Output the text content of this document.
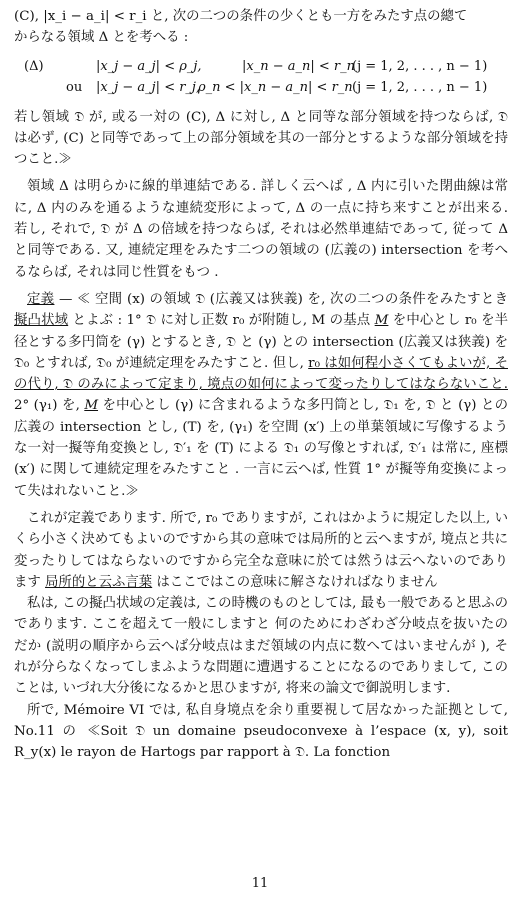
(C), |x_i − a_i| < r_i と, 次の二つの条件の少くとも一方をみたす点の總て
からなる領域 Δ とを考へる :

(Δ)	|x_j − a_j| < ρ_j,	|x_n − a_n| < r_n
(j = 1, 2, . . . , n − 1)
ou |x_j − a_j| < r_j,
ρ_n < |x_n − a_n| < r_n (j = 1, 2, . . . , n − 1)

若し領域 𝔇 が, 或る一対の (C), Δ に対し, Δ と同等な部分領域を持つならば, 𝔇 は必ず, (C) と同等であって上の部分領域を其の一部分とするような部分領域を持つこと.≫

領域 Δ は明らかに線的単連結である. 詳しく云へば , Δ 内に引いた閉曲線は常に, Δ 内のみを通るような連続変形によって, Δ の一点に持ち来すことが出来る. 若し, それで, 𝔇 が Δ の倍域を持つならば, それは必然単連結であって, 従って Δ と同等である. 又, 連続定理をみたす二つの領域の (広義の) intersection を考へるならば, それは同じ性質をもつ .

定義 — ≪ 空間 (x) の領域 𝔇 (広義又は狭義) を, 次の二つの条件をみたすとき擬凸状域 とよぶ : 1° 𝔇 に対し正数 r₀ が附随し, M の基点 M を中心とし r₀ を半径とする多円筒を (γ) とするとき, 𝔇 と (γ) との intersection (広義又は狭義) を 𝔇₀ とすれば, 𝔇₀ が連続定理をみたすこと. 但し, r₀ は如何程小さくてもよいが, その代り, 𝔇 のみによって定まり, 境点の如何によって変ったりしてはならないこと. 2° (γ₁) を, M を中心とし (γ) に含まれるような多円筒とし, 𝔇₁ を, 𝔇 と (γ) との広義の intersection とし, (T) を, (γ₁) を空間 (x′) 上の単葉領域に写像するような一対一擬等角変換とし, 𝔇′₁ を (T) による 𝔇₁ の写像とすれば, 𝔇′₁ は常に, 座標 (x′) に関して連続定理をみたすこと . 一言に云へば, 性質 1° が擬等角変換によって失はれないこと.≫

これが定義であります. 所で, r₀ でありますが, これはかように規定した以上, いくら小さく決めてもよいのですから其の意味では局所的と云へますが, 境点と共に変ったりしてはならないのですから完全な意味に於ては然うは云へないのであります 局所的と云ふ言葉 はここではこの意味に解さなければなりません

私は, この擬凸状域の定義は, この時機のものとしては, 最も一般であると思ふのであります. ここを超えて一般にしますと 何のためにわざわざ分岐点を抜いたのだか (説明の順序から云へば分岐点はまだ領域の内点に数へてはいませんが ), それが分らなくなってしまふような問題に遭遇することになるのでありまして, このことは, いづれ大分後になるかと思ひますが, 将来の論文で御説明します.

所で, Mémoire VI では, 私自身境点を余り重要視して居なかった証拠として, No.11 の ≪Soit 𝔇 un domaine pseudoconvexe à l’espace (x, y), soit R_y(x) le rayon de Hartogs par rapport à 𝔇. La fonction

11
